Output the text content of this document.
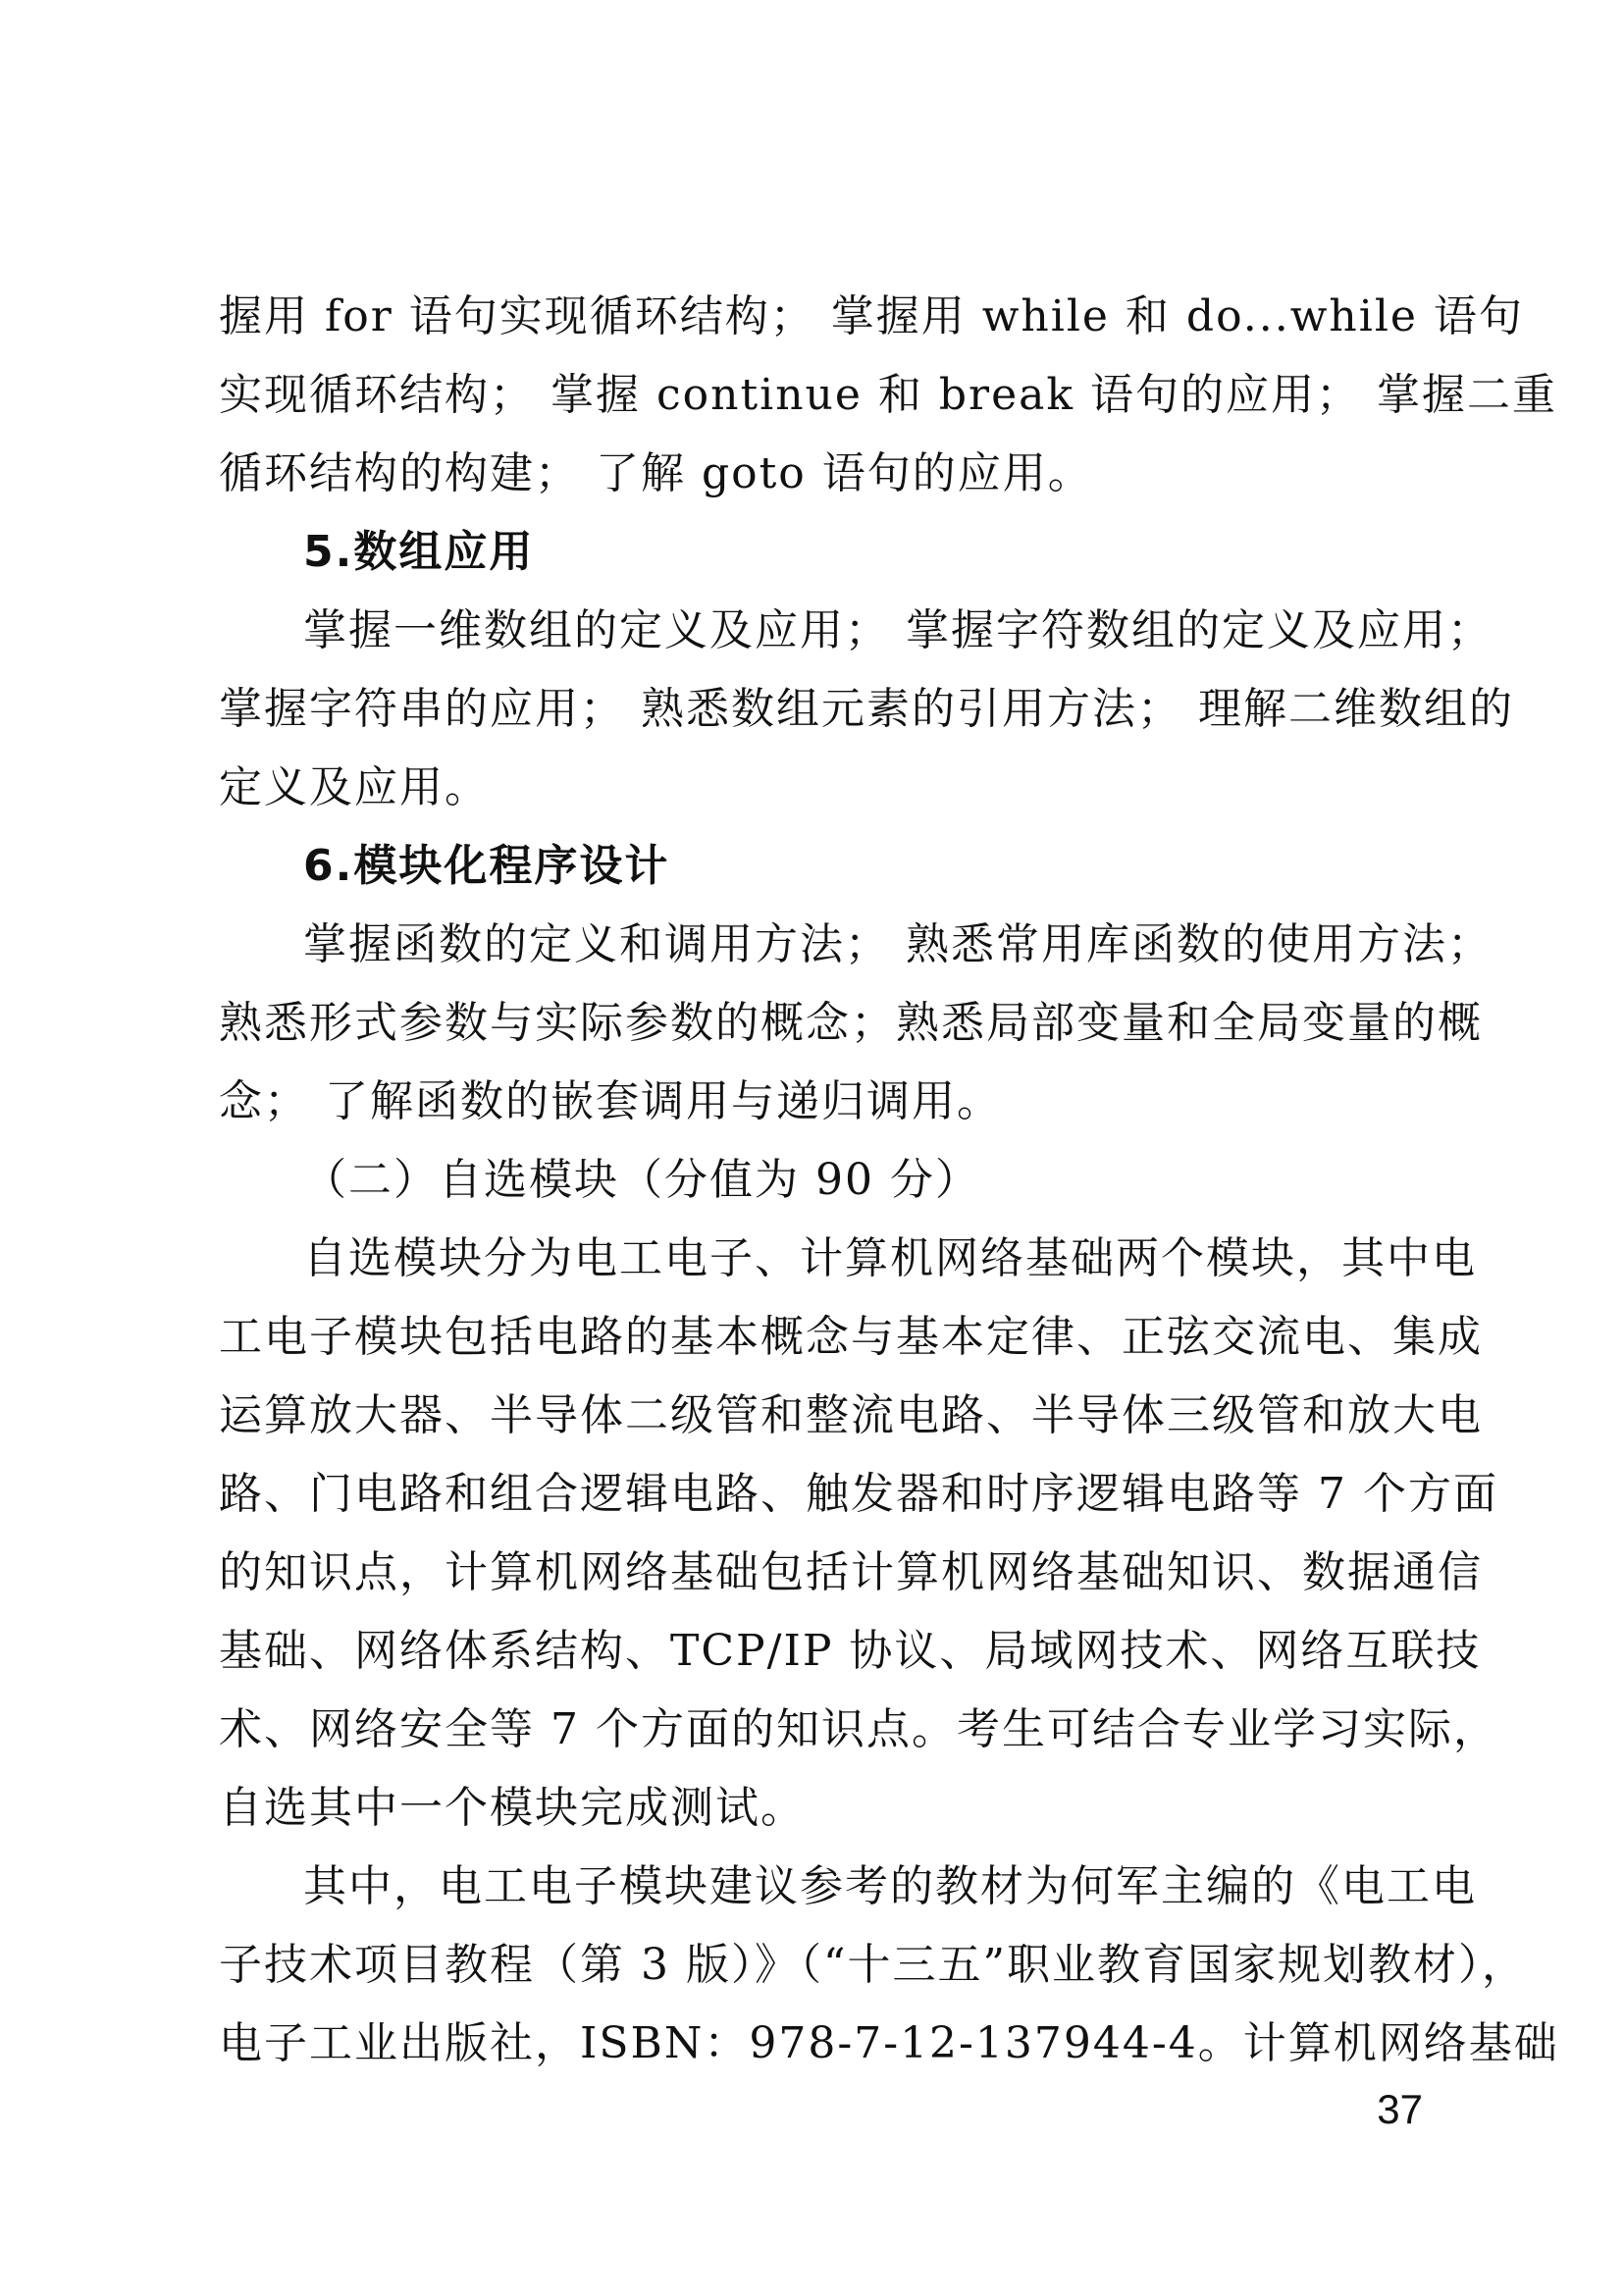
握用 for 语句实现循环结构； 掌握用 while 和 do...while 语句
实现循环结构； 掌握 continue 和 break 语句的应用； 掌握二重
循环结构的构建； 了解 goto 语句的应用。
5.数组应用
掌握一维数组的定义及应用； 掌握字符数组的定义及应用；
掌握字符串的应用； 熟悉数组元素的引用方法； 理解二维数组的
定义及应用。
6.模块化程序设计
掌握函数的定义和调用方法； 熟悉常用库函数的使用方法；
熟悉形式参数与实际参数的概念；熟悉局部变量和全局变量的概
念； 了解函数的嵌套调用与递归调用。
（二）自选模块（分值为 90 分）
自选模块分为电工电子、计算机网络基础两个模块，其中电
工电子模块包括电路的基本概念与基本定律、正弦交流电、集成
运算放大器、半导体二级管和整流电路、半导体三级管和放大电
路、门电路和组合逻辑电路、触发器和时序逻辑电路等 7 个方面
的知识点，计算机网络基础包括计算机网络基础知识、数据通信
基础、网络体系结构、TCP/IP 协议、局域网技术、网络互联技
术、网络安全等 7 个方面的知识点。考生可结合专业学习实际，
自选其中一个模块完成测试。
其中，电工电子模块建议参考的教材为何军主编的《电工电
子技术项目教程（第 3 版）》（“十三五”职业教育国家规划教材），
电子工业出版社，ISBN：978-7-12-137944-4。计算机网络基础
37
